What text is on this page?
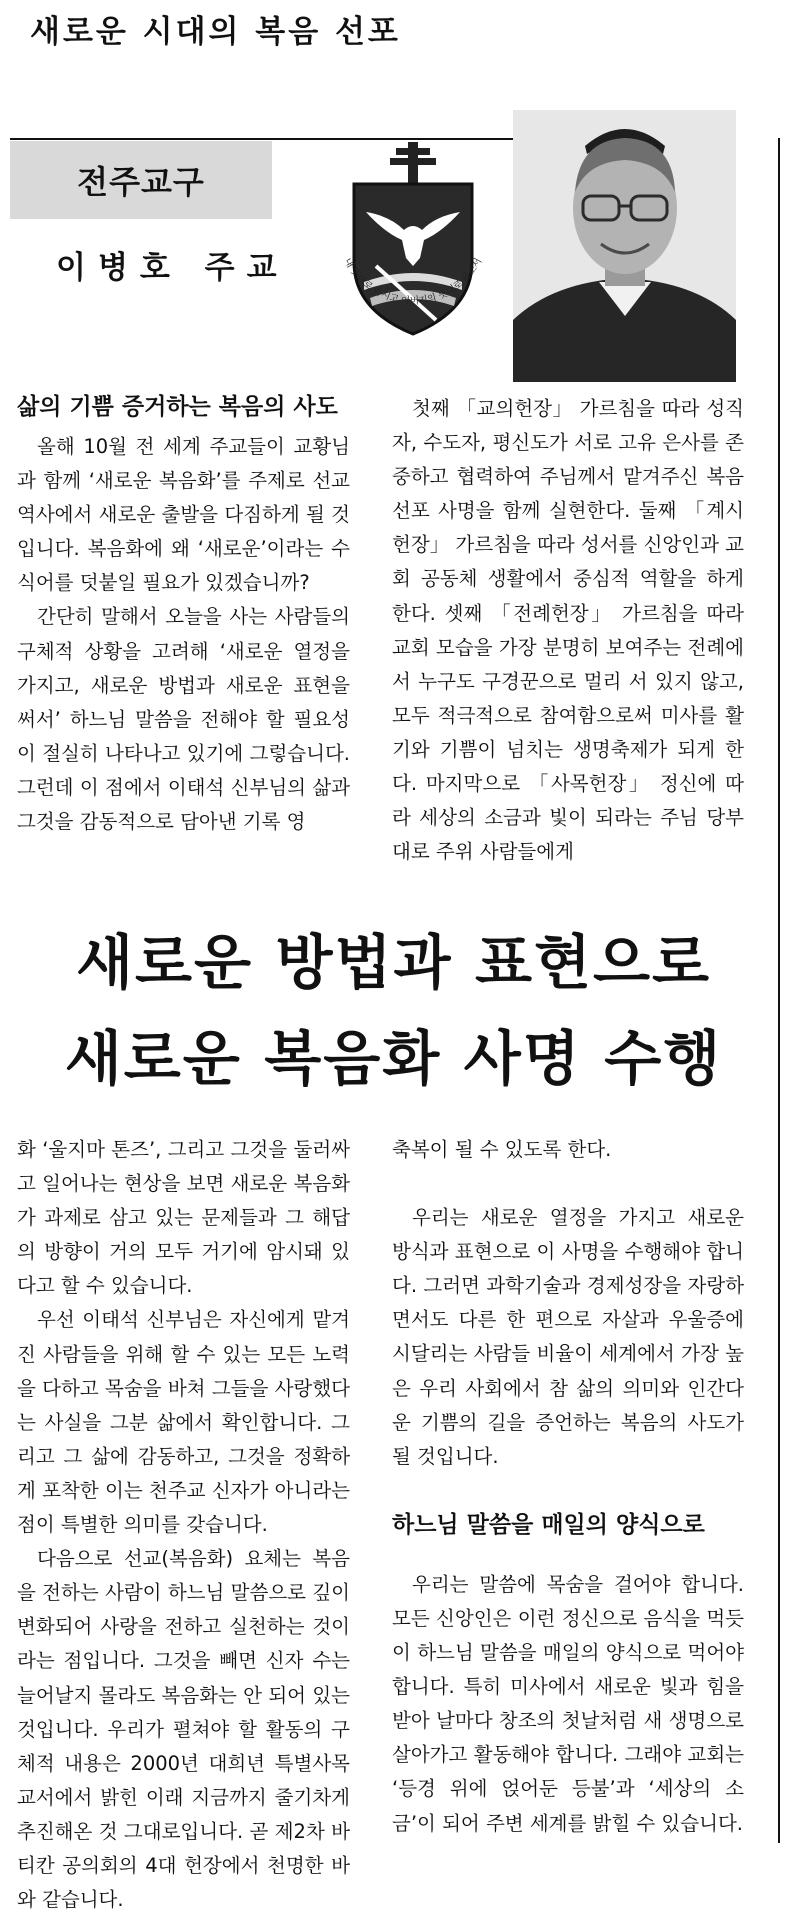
새로운 시대의 복음 선포
전주교구
이병호 주교	내 뜻대로 마시고 아버지의 뜻대로 하소서
삶의 기쁨 증거하는 복음의 사도

올해 10월 전 세계 주교들이 교황님과 함께 ‘새로운 복음화’를 주제로 선교역사에서 새로운 출발을 다짐하게 될 것입니다. 복음화에 왜 ‘새로운’이라는 수식어를 덧붙일 필요가 있겠습니까?

간단히 말해서 오늘을 사는 사람들의 구체적 상황을 고려해 ‘새로운 열정을 가지고, 새로운 방법과 새로운 표현을 써서’ 하느님 말씀을 전해야 할 필요성이 절실히 나타나고 있기에 그렇습니다. 그런데 이 점에서 이태석 신부님의 삶과 그것을 감동적으로 담아낸 기록 영

첫째 「교의헌장」 가르침을 따라 성직자, 수도자, 평신도가 서로 고유 은사를 존중하고 협력하여 주님께서 맡겨주신 복음선포 사명을 함께 실현한다. 둘째 「계시헌장」 가르침을 따라 성서를 신앙인과 교회 공동체 생활에서 중심적 역할을 하게 한다. 셋째 「전례헌장」 가르침을 따라 교회 모습을 가장 분명히 보여주는 전례에서 누구도 구경꾼으로 멀리 서 있지 않고, 모두 적극적으로 참여함으로써 미사를 활기와 기쁨이 넘치는 생명축제가 되게 한다. 마지막으로 「사목헌장」 정신에 따라 세상의 소금과 빛이 되라는 주님 당부대로 주위 사람들에게

새로운 방법과 표현으로
새로운 복음화 사명 수행

화 ‘울지마 톤즈’, 그리고 그것을 둘러싸고 일어나는 현상을 보면 새로운 복음화가 과제로 삼고 있는 문제들과 그 해답의 방향이 거의 모두 거기에 암시돼 있다고 할 수 있습니다.

우선 이태석 신부님은 자신에게 맡겨진 사람들을 위해 할 수 있는 모든 노력을 다하고 목숨을 바쳐 그들을 사랑했다는 사실을 그분 삶에서 확인합니다. 그리고 그 삶에 감동하고, 그것을 정확하게 포착한 이는 천주교 신자가 아니라는 점이 특별한 의미를 갖습니다.

다음으로 선교(복음화) 요체는 복음을 전하는 사람이 하느님 말씀으로 깊이 변화되어 사랑을 전하고 실천하는 것이라는 점입니다. 그것을 빼면 신자 수는 늘어날지 몰라도 복음화는 안 되어 있는 것입니다. 우리가 펼쳐야 할 활동의 구체적 내용은 2000년 대희년 특별사목교서에서 밝힌 이래 지금까지 줄기차게 추진해온 것 그대로입니다. 곧 제2차 바티칸 공의회의 4대 헌장에서 천명한 바와 같습니다.

축복이 될 수 있도록 한다.

우리는 새로운 열정을 가지고 새로운 방식과 표현으로 이 사명을 수행해야 합니다. 그러면 과학기술과 경제성장을 자랑하면서도 다른 한 편으로 자살과 우울증에 시달리는 사람들 비율이 세계에서 가장 높은 우리 사회에서 참 삶의 의미와 인간다운 기쁨의 길을 증언하는 복음의 사도가 될 것입니다.

하느님 말씀을 매일의 양식으로

우리는 말씀에 목숨을 걸어야 합니다. 모든 신앙인은 이런 정신으로 음식을 먹듯이 하느님 말씀을 매일의 양식으로 먹어야 합니다. 특히 미사에서 새로운 빛과 힘을 받아 날마다 창조의 첫날처럼 새 생명으로 살아가고 활동해야 합니다. 그래야 교회는 ‘등경 위에 얹어둔 등불’과 ‘세상의 소금’이 되어 주변 세계를 밝힐 수 있습니다.
